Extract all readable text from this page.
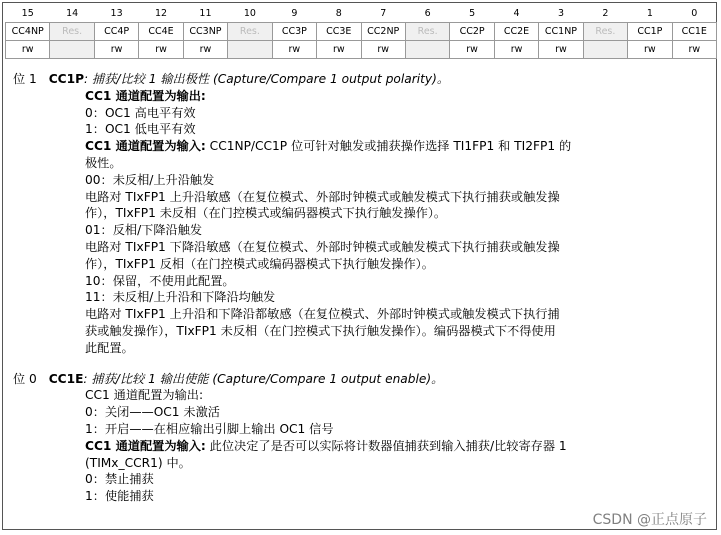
15	14	13	12	11	10	9	8	7	6	5	4	3	2	1	0
CC4NP	Res.	CC4P	CC4E	CC3NP	Res.	CC3P	CC3E	CC2NP	Res.	CC2P	CC2E	CC1NP	Res.	CC1P	CC1E
rw		rw	rw	rw		rw	rw	rw		rw	rw	rw		rw	rw
位 1 CC1P: 捕获/比较 1 输出极性 (Capture/Compare 1 output polarity)。
CC1 通道配置为输出:
0：OC1 高电平有效
1：OC1 低电平有效
CC1 通道配置为输入: CC1NP/CC1P 位可针对触发或捕获操作选择 TI1FP1 和 TI2FP1 的
极性。
00：未反相/上升沿触发
电路对 TIxFP1 上升沿敏感（在复位模式、外部时钟模式或触发模式下执行捕获或触发操
作），TIxFP1 未反相（在门控模式或编码器模式下执行触发操作）。
01：反相/下降沿触发
电路对 TIxFP1 下降沿敏感（在复位模式、外部时钟模式或触发模式下执行捕获或触发操
作），TIxFP1 反相（在门控模式或编码器模式下执行触发操作）。
10：保留，不使用此配置。
11：未反相/上升沿和下降沿均触发
电路对 TIxFP1 上升沿和下降沿都敏感（在复位模式、外部时钟模式或触发模式下执行捕
获或触发操作），TIxFP1 未反相（在门控模式下执行触发操作）。编码器模式下不得使用
此配置。
位 0 CC1E: 捕获/比较 1 输出使能 (Capture/Compare 1 output enable)。
CC1 通道配置为输出:
0：关闭——OC1 未激活
1：开启——在相应输出引脚上输出 OC1 信号
CC1 通道配置为输入: 此位决定了是否可以实际将计数器值捕获到输入捕获/比较寄存器 1
(TIMx_CCR1) 中。
0：禁止捕获
1：使能捕获
CSDN @正点原子
